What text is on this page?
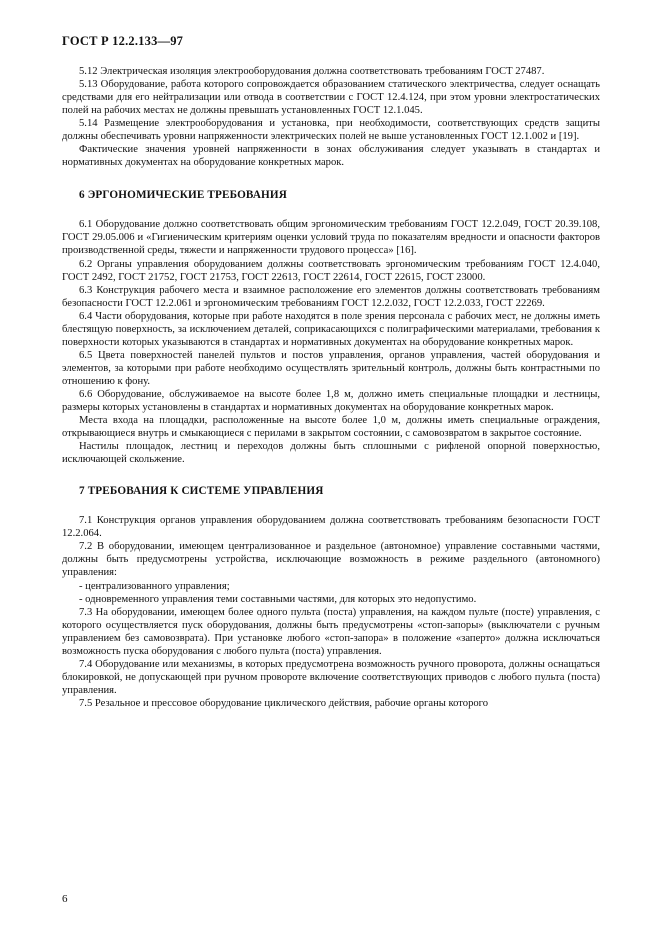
ГОСТ Р 12.2.133—97

5.12 Электрическая изоляция электрооборудования должна соответствовать требованиям ГОСТ 27487.

5.13 Оборудование, работа которого сопровождается образованием статического электричества, следует оснащать средствами для его нейтрализации или отвода в соответствии с ГОСТ 12.4.124, при этом уровни электростатических полей на рабочих местах не должны превышать установленных ГОСТ 12.1.045.

5.14 Размещение электрооборудования и установка, при необходимости, соответствующих средств защиты должны обеспечивать уровни напряженности электрических полей не выше установленных ГОСТ 12.1.002 и [19].

Фактические значения уровней напряженности в зонах обслуживания следует указывать в стандартах и нормативных документах на оборудование конкретных марок.

6 ЭРГОНОМИЧЕСКИЕ ТРЕБОВАНИЯ

6.1 Оборудование должно соответствовать общим эргономическим требованиям ГОСТ 12.2.049, ГОСТ 20.39.108, ГОСТ 29.05.006 и «Гигиеническим критериям оценки условий труда по показателям вредности и опасности факторов производственной среды, тяжести и напряженности трудового процесса» [16].

6.2 Органы управления оборудованием должны соответствовать эргономическим требованиям ГОСТ 12.4.040, ГОСТ 2492, ГОСТ 21752, ГОСТ 21753, ГОСТ 22613, ГОСТ 22614, ГОСТ 22615, ГОСТ 23000.

6.3 Конструкция рабочего места и взаимное расположение его элементов должны соответствовать требованиям безопасности ГОСТ 12.2.061 и эргономическим требованиям ГОСТ 12.2.032, ГОСТ 12.2.033, ГОСТ 22269.

6.4 Части оборудования, которые при работе находятся в поле зрения персонала с рабочих мест, не должны иметь блестящую поверхность, за исключением деталей, соприкасающихся с полиграфическими материалами, требования к поверхности которых указываются в стандартах и нормативных документах на оборудование конкретных марок.

6.5 Цвета поверхностей панелей пультов и постов управления, органов управления, частей оборудования и элементов, за которыми при работе необходимо осуществлять зрительный контроль, должны быть контрастными по отношению к фону.

6.6 Оборудование, обслуживаемое на высоте более 1,8 м, должно иметь специальные площадки и лестницы, размеры которых установлены в стандартах и нормативных документах на оборудование конкретных марок.

Места входа на площадки, расположенные на высоте более 1,0 м, должны иметь специальные ограждения, открывающиеся внутрь и смыкающиеся с перилами в закрытом состоянии, с самовозвратом в закрытое состояние.

Настилы площадок, лестниц и переходов должны быть сплошными с рифленой опорной поверхностью, исключающей скольжение.

7 ТРЕБОВАНИЯ К СИСТЕМЕ УПРАВЛЕНИЯ

7.1 Конструкция органов управления оборудованием должна соответствовать требованиям безопасности ГОСТ 12.2.064.

7.2 В оборудовании, имеющем централизованное и раздельное (автономное) управление составными частями, должны быть предусмотрены устройства, исключающие возможность в режиме раздельного (автономного) управления:

- централизованного управления;

- одновременного управления теми составными частями, для которых это недопустимо.

7.3 На оборудовании, имеющем более одного пульта (поста) управления, на каждом пульте (посте) управления, с которого осуществляется пуск оборудования, должны быть предусмотрены «стоп-запоры» (выключатели с ручным управлением без самовозврата). При установке любого «стоп-запора» в положение «заперто» должна исключаться возможность пуска оборудования с любого пульта (поста) управления.

7.4 Оборудование или механизмы, в которых предусмотрена возможность ручного проворота, должны оснащаться блокировкой, не допускающей при ручном провороте включение соответствующих приводов с любого пульта (поста) управления.

7.5 Резальное и прессовое оборудование циклического действия, рабочие органы которого

6
